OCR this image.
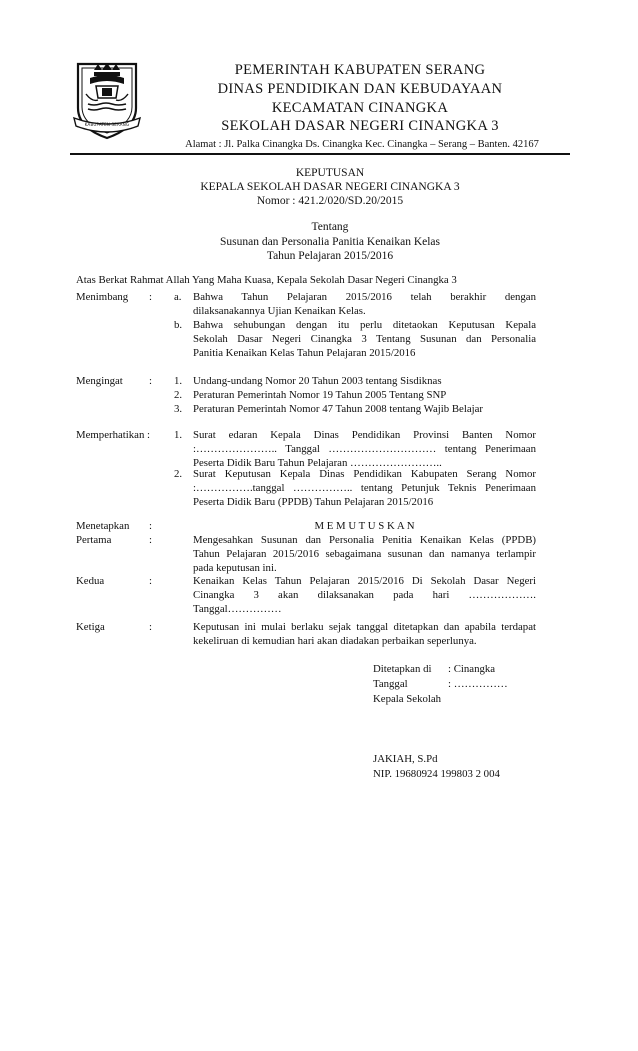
KABUPATEN SERANG
PEMERINTAH KABUPATEN SERANG
DINAS PENDIDIKAN DAN KEBUDAYAAN
KECAMATAN CINANGKA
SEKOLAH DASAR NEGERI CINANGKA 3
Alamat : Jl. Palka Cinangka Ds. Cinangka Kec. Cinangka – Serang – Banten. 42167
KEPUTUSAN
KEPALA SEKOLAH DASAR NEGERI CINANGKA 3
Nomor : 421.2/020/SD.20/2015
Tentang
Susunan dan Personalia Panitia Kenaikan Kelas
Tahun Pelajaran 2015/2016
Atas Berkat Rahmat Allah Yang Maha Kuasa, Kepala Sekolah Dasar Negeri Cinangka 3
Menimbang : a. Bahwa Tahun Pelajaran 2015/2016 telah berakhir dengan
dilaksanakannya Ujian Kenaikan Kelas.
b. Bahwa sehubungan dengan itu perlu ditetaokan Keputusan Kepala
Sekolah Dasar Negeri Cinangka 3 Tentang Susunan dan Personalia
Panitia Kenaikan Kelas Tahun Pelajaran 2015/2016
Mengingat : 1. Undang-undang Nomor 20 Tahun 2003 tentang Sisdiknas
2. Peraturan Pemerintah Nomor 19 Tahun 2005 Tentang SNP
3. Peraturan Pemerintah Nomor 47 Tahun 2008 tentang Wajib Belajar
Memperhatikan : 1. Surat edaran Kepala Dinas Pendidikan Provinsi Banten Nomor
:………………….. Tanggal ………………………… tentang Penerimaan
Peserta Didik Baru Tahun Pelajaran ……………………..
2. Surat Keputusan Kepala Dinas Pendidikan Kabupaten Serang Nomor
:…………….tanggal …………….. tentang Petunjuk Teknis Penerimaan
Peserta Didik Baru (PPDB) Tahun Pelajaran 2015/2016
Menetapkan :	M E M U T U S K A N
Pertama	:	Mengesahkan Susunan dan Personalia Penitia Kenaikan Kelas (PPDB)
Tahun Pelajaran 2015/2016 sebagaimana susunan dan namanya terlampir
pada keputusan ini.
Kedua	:	Kenaikan Kelas Tahun Pelajaran 2015/2016 Di Sekolah Dasar Negeri
Cinangka 3 akan dilaksanakan pada hari ……………….
Tanggal……………
Ketiga	:	Keputusan ini mulai berlaku sejak tanggal ditetapkan dan apabila terdapat
kekeliruan di kemudian hari akan diadakan perbaikan seperlunya.
Ditetapkan di : Cinangka
Tanggal	: ……………
Kepala Sekolah
JAKIAH, S.Pd
NIP. 19680924 199803 2 004
